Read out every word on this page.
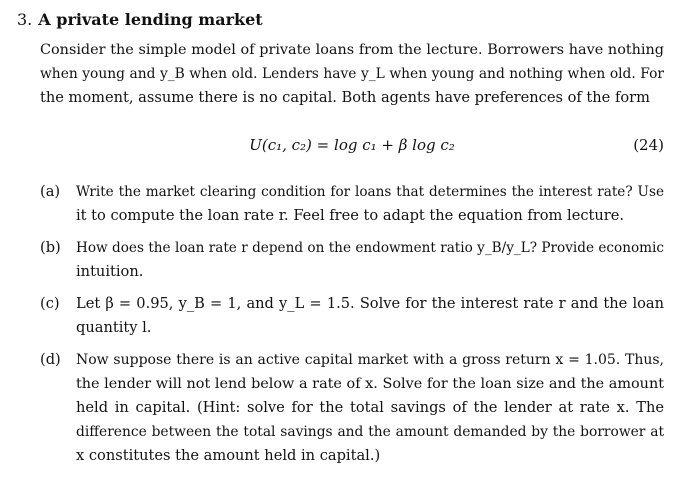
3. A private lending market
Consider the simple model of private loans from the lecture. Borrowers have nothing
when young and y_B when old. Lenders have y_L when young and nothing when old. For
the moment, assume there is no capital. Both agents have preferences of the form
U(c₁, c₂) = log c₁ + β log c₂	(24)
(a) Write the market clearing condition for loans that determines the interest rate? Use
it to compute the loan rate r. Feel free to adapt the equation from lecture.
(b) How does the loan rate r depend on the endowment ratio y_B/y_L? Provide economic
intuition.
(c) Let β = 0.95, y_B = 1, and y_L = 1.5. Solve for the interest rate r and the loan
quantity l.
(d) Now suppose there is an active capital market with a gross return x = 1.05. Thus,
the lender will not lend below a rate of x. Solve for the loan size and the amount
held in capital. (Hint: solve for the total savings of the lender at rate x. The
difference between the total savings and the amount demanded by the borrower at
x constitutes the amount held in capital.)
